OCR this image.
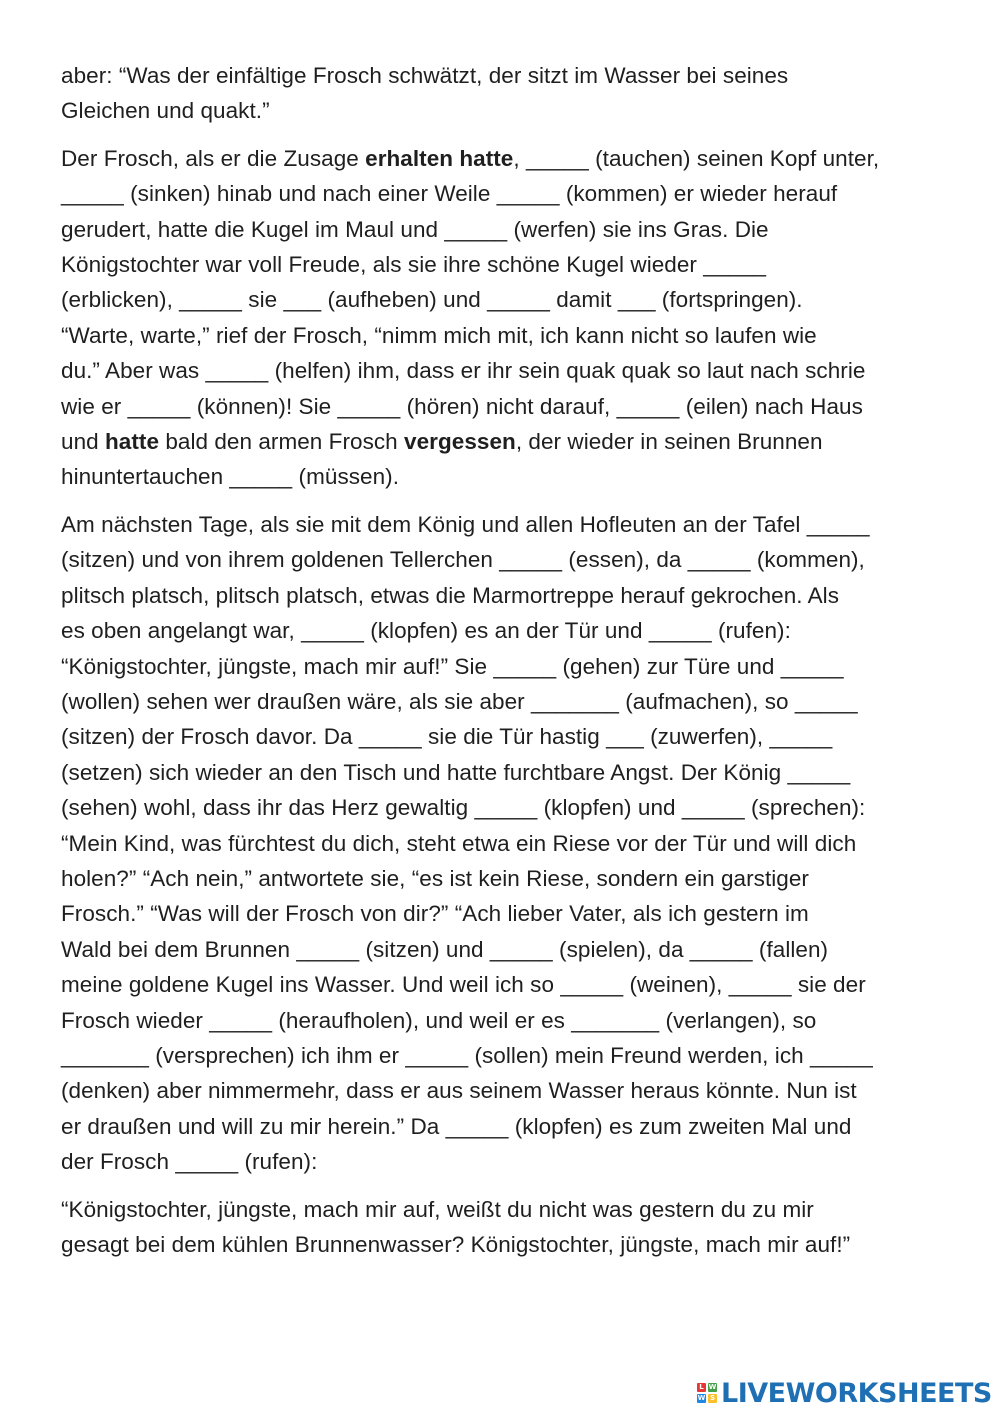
aber: “Was der einfältige Frosch schwätzt, der sitzt im Wasser bei seines
Gleichen und quakt.”
Der Frosch, als er die Zusage erhalten hatte, _____ (tauchen) seinen Kopf unter,
_____ (sinken) hinab und nach einer Weile _____ (kommen) er wieder herauf
gerudert, hatte die Kugel im Maul und _____ (werfen) sie ins Gras. Die
Königstochter war voll Freude, als sie ihre schöne Kugel wieder _____
(erblicken), _____ sie ___ (aufheben) und _____ damit ___ (fortspringen).
“Warte, warte,” rief der Frosch, “nimm mich mit, ich kann nicht so laufen wie
du.” Aber was _____ (helfen) ihm, dass er ihr sein quak quak so laut nach schrie
wie er _____ (können)! Sie _____ (hören) nicht darauf, _____ (eilen) nach Haus
und hatte bald den armen Frosch vergessen, der wieder in seinen Brunnen
hinuntertauchen _____ (müssen).
Am nächsten Tage, als sie mit dem König und allen Hofleuten an der Tafel _____
(sitzen) und von ihrem goldenen Tellerchen _____ (essen), da _____ (kommen),
plitsch platsch, plitsch platsch, etwas die Marmortreppe herauf gekrochen. Als
es oben angelangt war, _____ (klopfen) es an der Tür und _____ (rufen):
“Königstochter, jüngste, mach mir auf!” Sie _____ (gehen) zur Türe und _____
(wollen) sehen wer draußen wäre, als sie aber _______ (aufmachen), so _____
(sitzen) der Frosch davor. Da _____ sie die Tür hastig ___ (zuwerfen), _____
(setzen) sich wieder an den Tisch und hatte furchtbare Angst. Der König _____
(sehen) wohl, dass ihr das Herz gewaltig _____ (klopfen) und _____ (sprechen):
“Mein Kind, was fürchtest du dich, steht etwa ein Riese vor der Tür und will dich
holen?” “Ach nein,” antwortete sie, “es ist kein Riese, sondern ein garstiger
Frosch.” “Was will der Frosch von dir?” “Ach lieber Vater, als ich gestern im
Wald bei dem Brunnen _____ (sitzen) und _____ (spielen), da _____ (fallen)
meine goldene Kugel ins Wasser. Und weil ich so _____ (weinen), _____ sie der
Frosch wieder _____ (heraufholen), und weil er es _______ (verlangen), so
_______ (versprechen) ich ihm er _____ (sollen) mein Freund werden, ich _____
(denken) aber nimmermehr, dass er aus seinem Wasser heraus könnte. Nun ist
er draußen und will zu mir herein.” Da _____ (klopfen) es zum zweiten Mal und
der Frosch _____ (rufen):
“Königstochter, jüngste, mach mir auf, weißt du nicht was gestern du zu mir
gesagt bei dem kühlen Brunnenwasser? Königstochter, jüngste, mach mir auf!”
L W
W S LIVEWORKSHEETS
